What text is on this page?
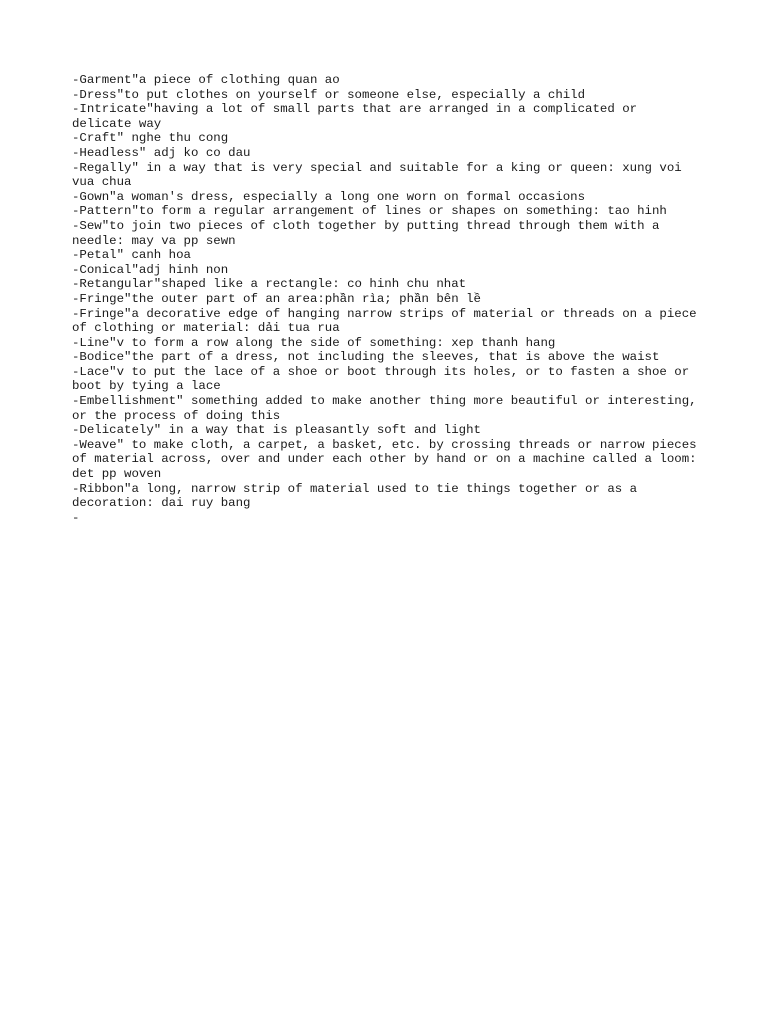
-Garment"a piece of clothing quan ao

-Dress"to put clothes on yourself or someone else, especially a child

-Intricate"having a lot of small parts that are arranged in a complicated or delicate way

-Craft" nghe thu cong

-Headless" adj ko co dau

-Regally" in a way that is very special and suitable for a king or queen: xung voi vua chua

-Gown"a woman's dress, especially a long one worn on formal occasions

-Pattern"to form a regular arrangement of lines or shapes on something: tao hinh

-Sew"to join two pieces of cloth together by putting thread through them with a needle: may va pp sewn

-Petal" canh hoa

-Conical"adj hinh non

-Retangular"shaped like a rectangle: co hinh chu nhat

-Fringe"the outer part of an area:phần rìa; phần bên lề

-Fringe"a decorative edge of hanging narrow strips of material or threads on a piece of clothing or material: dải tua rua

-Line"v to form a row along the side of something: xep thanh hang

-Bodice"the part of a dress, not including the sleeves, that is above the waist

-Lace"v to put the lace of a shoe or boot through its holes, or to fasten a shoe or boot by tying a lace

-Embellishment" something added to make another thing more beautiful or interesting, or the process of doing this

-Delicately" in a way that is pleasantly soft and light

-Weave" to make cloth, a carpet, a basket, etc. by crossing threads or narrow pieces of material across, over and under each other by hand or on a machine called a loom: det pp woven

-Ribbon"a long, narrow strip of material used to tie things together or as a decoration: dai ruy bang

-
